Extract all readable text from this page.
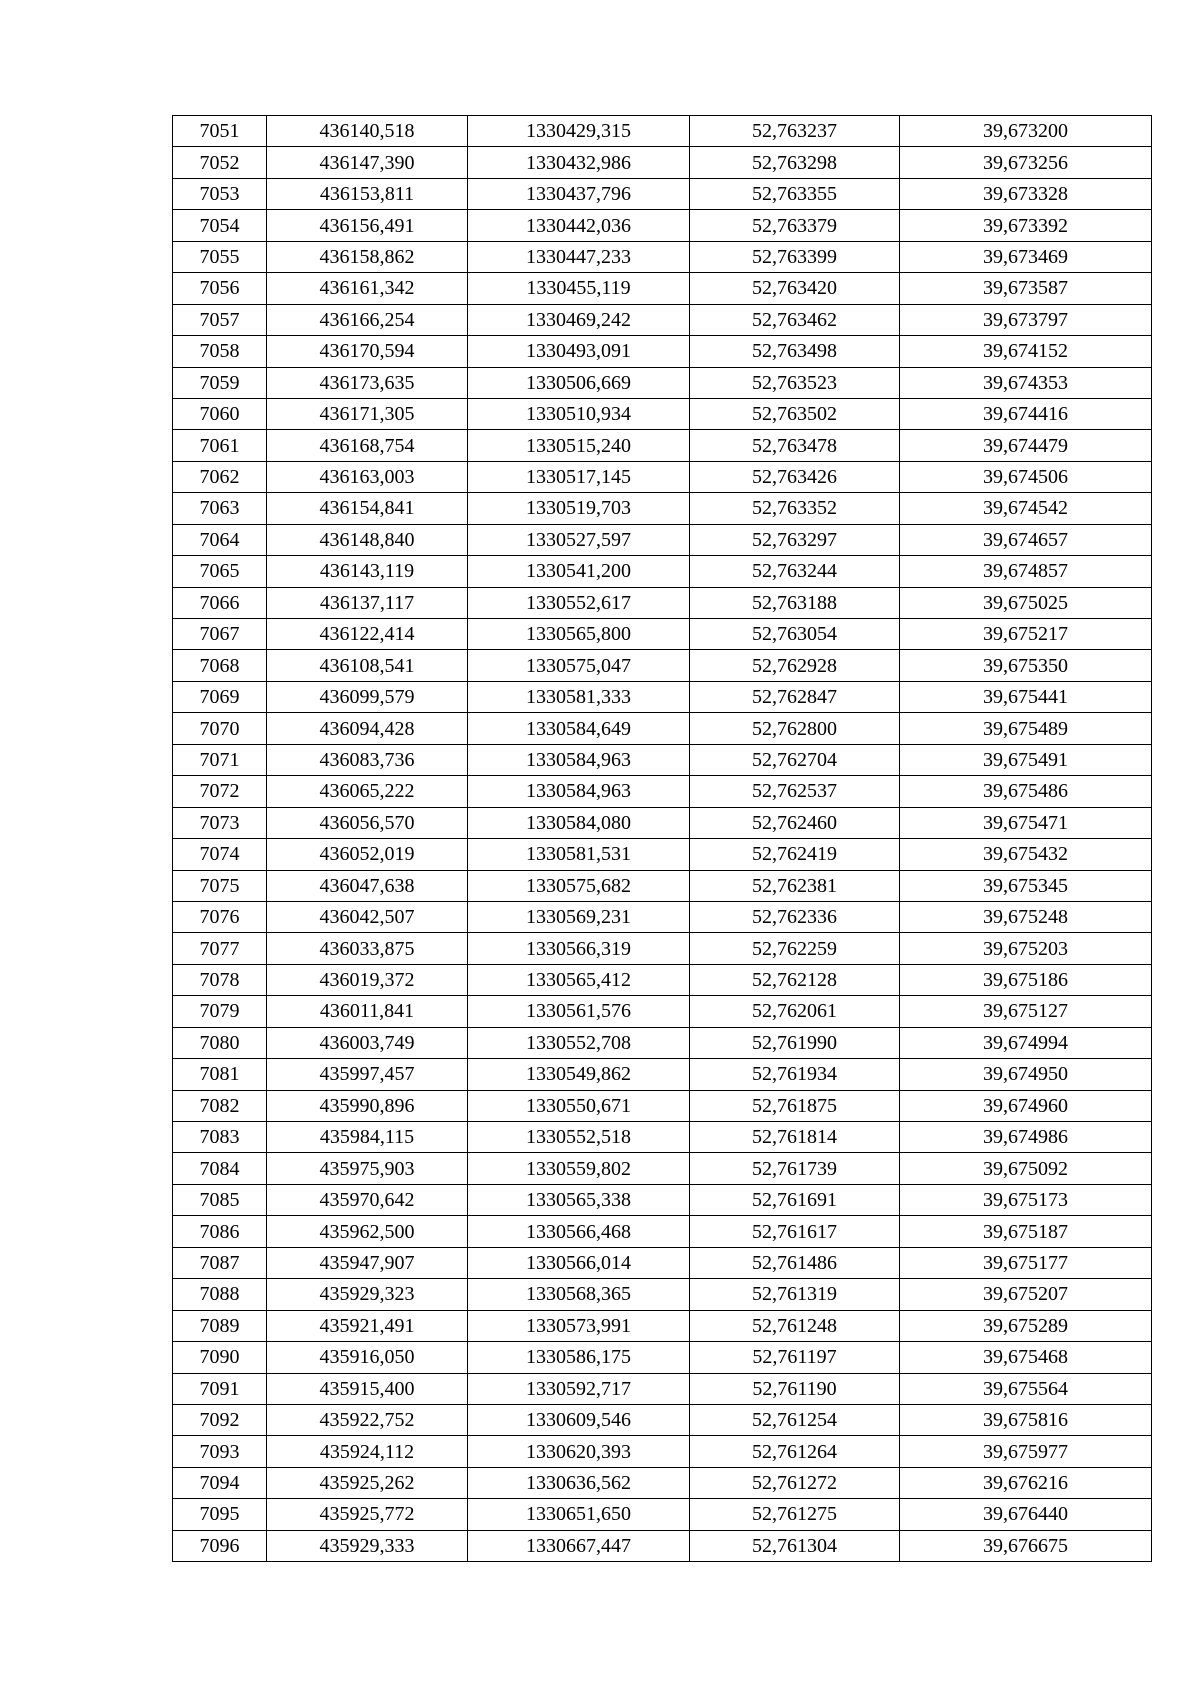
7051	436140,518	1330429,315	52,763237	39,673200
7052	436147,390	1330432,986	52,763298	39,673256
7053	436153,811	1330437,796	52,763355	39,673328
7054	436156,491	1330442,036	52,763379	39,673392
7055	436158,862	1330447,233	52,763399	39,673469
7056	436161,342	1330455,119	52,763420	39,673587
7057	436166,254	1330469,242	52,763462	39,673797
7058	436170,594	1330493,091	52,763498	39,674152
7059	436173,635	1330506,669	52,763523	39,674353
7060	436171,305	1330510,934	52,763502	39,674416
7061	436168,754	1330515,240	52,763478	39,674479
7062	436163,003	1330517,145	52,763426	39,674506
7063	436154,841	1330519,703	52,763352	39,674542
7064	436148,840	1330527,597	52,763297	39,674657
7065	436143,119	1330541,200	52,763244	39,674857
7066	436137,117	1330552,617	52,763188	39,675025
7067	436122,414	1330565,800	52,763054	39,675217
7068	436108,541	1330575,047	52,762928	39,675350
7069	436099,579	1330581,333	52,762847	39,675441
7070	436094,428	1330584,649	52,762800	39,675489
7071	436083,736	1330584,963	52,762704	39,675491
7072	436065,222	1330584,963	52,762537	39,675486
7073	436056,570	1330584,080	52,762460	39,675471
7074	436052,019	1330581,531	52,762419	39,675432
7075	436047,638	1330575,682	52,762381	39,675345
7076	436042,507	1330569,231	52,762336	39,675248
7077	436033,875	1330566,319	52,762259	39,675203
7078	436019,372	1330565,412	52,762128	39,675186
7079	436011,841	1330561,576	52,762061	39,675127
7080	436003,749	1330552,708	52,761990	39,674994
7081	435997,457	1330549,862	52,761934	39,674950
7082	435990,896	1330550,671	52,761875	39,674960
7083	435984,115	1330552,518	52,761814	39,674986
7084	435975,903	1330559,802	52,761739	39,675092
7085	435970,642	1330565,338	52,761691	39,675173
7086	435962,500	1330566,468	52,761617	39,675187
7087	435947,907	1330566,014	52,761486	39,675177
7088	435929,323	1330568,365	52,761319	39,675207
7089	435921,491	1330573,991	52,761248	39,675289
7090	435916,050	1330586,175	52,761197	39,675468
7091	435915,400	1330592,717	52,761190	39,675564
7092	435922,752	1330609,546	52,761254	39,675816
7093	435924,112	1330620,393	52,761264	39,675977
7094	435925,262	1330636,562	52,761272	39,676216
7095	435925,772	1330651,650	52,761275	39,676440
7096	435929,333	1330667,447	52,761304	39,676675
